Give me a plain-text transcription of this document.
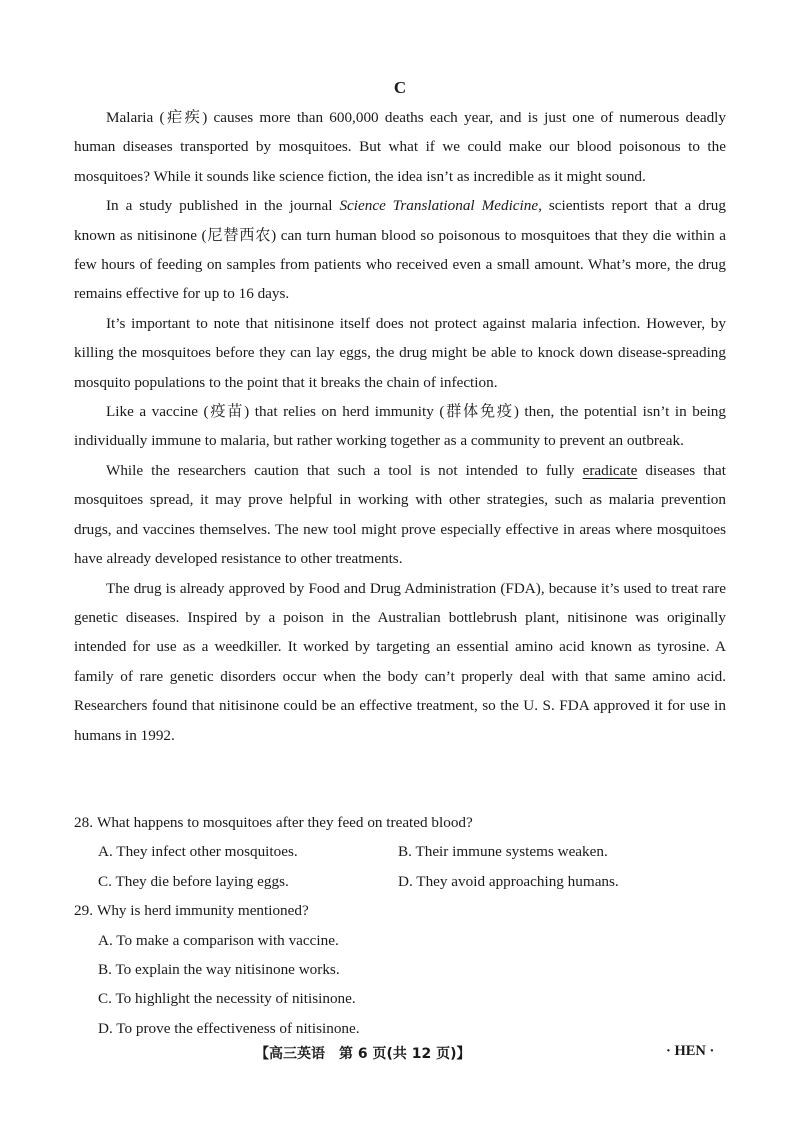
C

Malaria (疟疾) causes more than 600,000 deaths each year, and is just one of numerous deadly human diseases transported by mosquitoes. But what if we could make our blood poisonous to the mosquitoes? While it sounds like science fiction, the idea isn’t as incredible as it might sound.

In a study published in the journal Science Translational Medicine, scientists report that a drug known as nitisinone (尼替西农) can turn human blood so poisonous to mosquitoes that they die within a few hours of feeding on samples from patients who received even a small amount. What’s more, the drug remains effective for up to 16 days.

It’s important to note that nitisinone itself does not protect against malaria infection. However, by killing the mosquitoes before they can lay eggs, the drug might be able to knock down disease-spreading mosquito populations to the point that it breaks the chain of infection.

Like a vaccine (疫苗) that relies on herd immunity (群体免疫) then, the potential isn’t in being individually immune to malaria, but rather working together as a community to prevent an outbreak.

While the researchers caution that such a tool is not intended to fully eradicate diseases that mosquitoes spread, it may prove helpful in working with other strategies, such as malaria prevention drugs, and vaccines themselves. The new tool might prove especially effective in areas where mosquitoes have already developed resistance to other treatments.

The drug is already approved by Food and Drug Administration (FDA), because it’s used to treat rare genetic diseases. Inspired by a poison in the Australian bottlebrush plant, nitisinone was originally intended for use as a weedkiller. It worked by targeting an essential amino acid known as tyrosine. A family of rare genetic disorders occur when the body can’t properly deal with that same amino acid. Researchers found that nitisinone could be an effective treatment, so the U. S. FDA approved it for use in humans in 1992.

28. What happens to mosquitoes after they feed on treated blood?
A. They infect other mosquitoes.	B. Their immune systems weaken.
C. They die before laying eggs.	D. They avoid approaching humans.
29. Why is herd immunity mentioned?
A. To make a comparison with vaccine.
B. To explain the way nitisinone works.
C. To highlight the necessity of nitisinone.
D. To prove the effectiveness of nitisinone.
【高三英语　第 6 页(共 12 页)】	· HEN ·
